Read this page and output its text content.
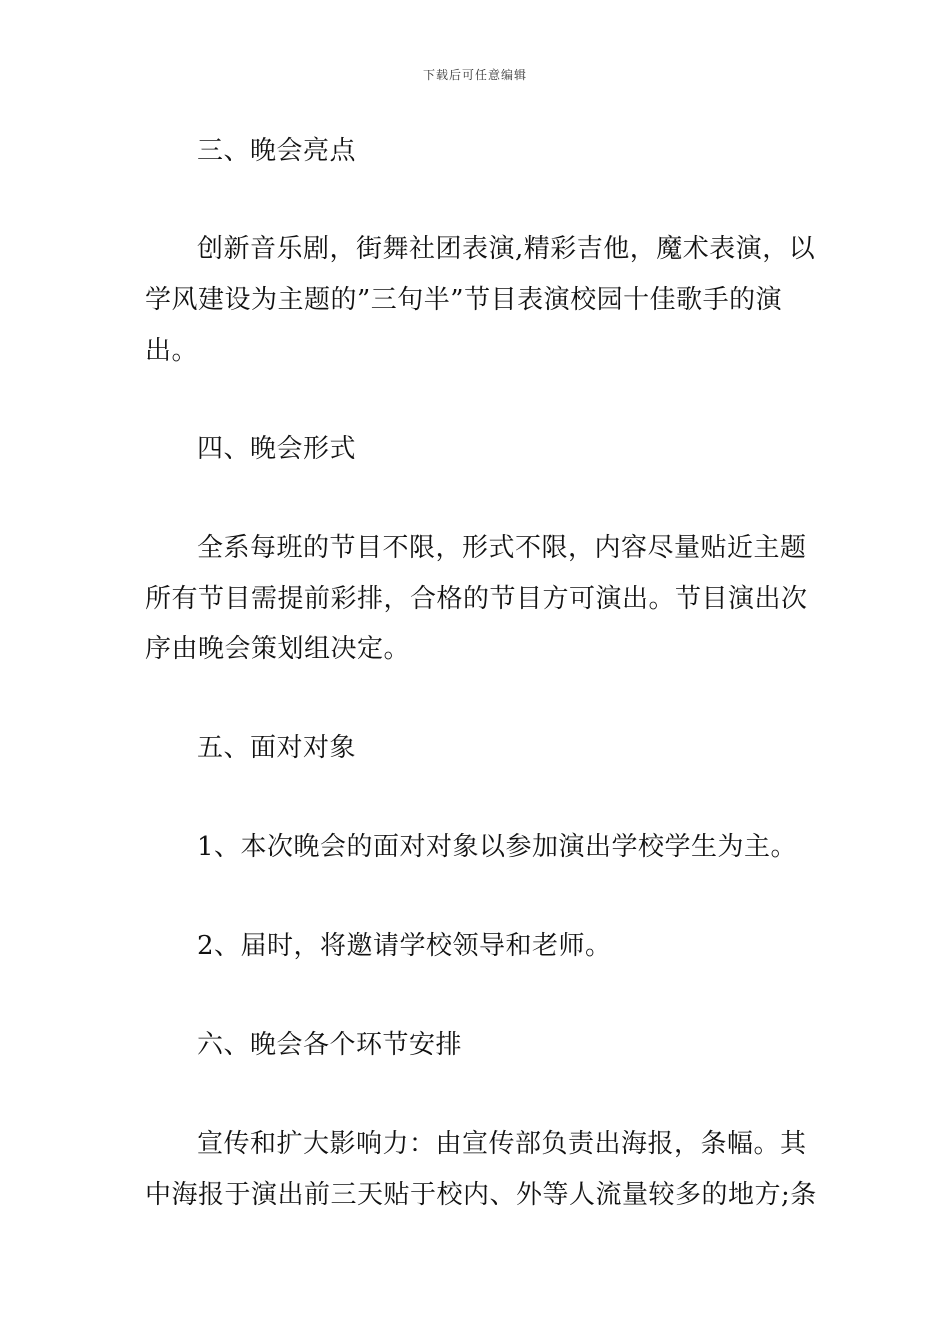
下载后可任意编辑
三、晚会亮点
创新音乐剧，街舞社团表演,精彩吉他，魔术表演，以
学风建设为主题的”三句半”节目表演校园十佳歌手的演
出。
四、晚会形式
全系每班的节目不限，形式不限，内容尽量贴近主题
所有节目需提前彩排，合格的节目方可演出。节目演出次
序由晚会策划组决定。
五、面对对象
1、本次晚会的面对对象以参加演出学校学生为主。
2、届时，将邀请学校领导和老师。
六、晚会各个环节安排
宣传和扩大影响力：由宣传部负责出海报，条幅。其
中海报于演出前三天贴于校内、外等人流量较多的地方;条
